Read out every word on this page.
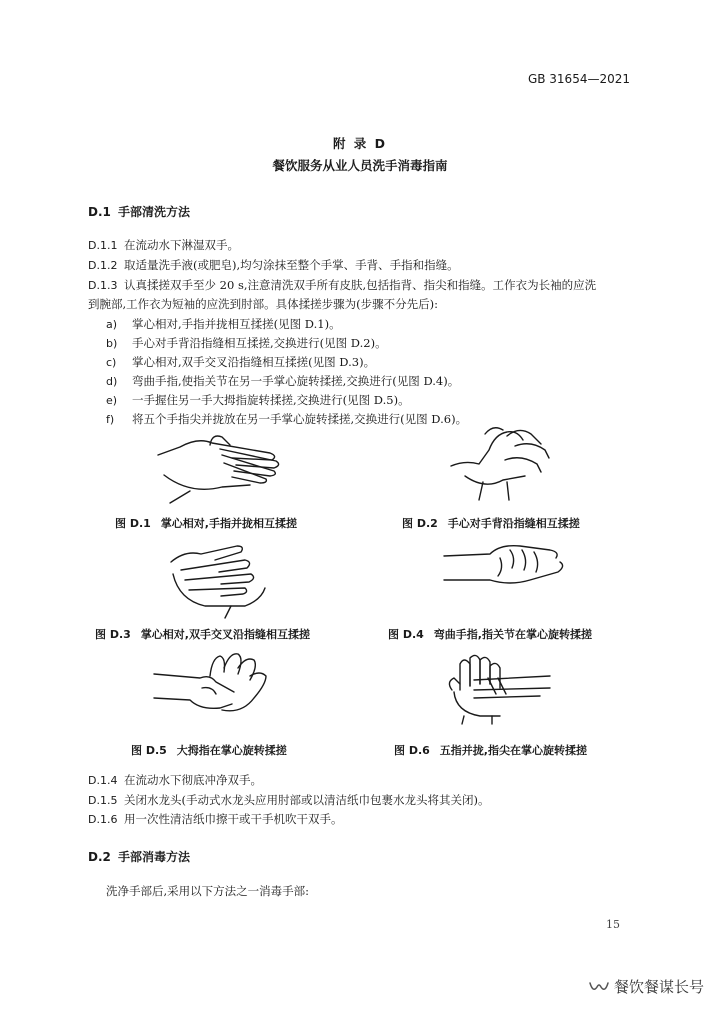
GB 31654—2021
附 录 D
餐饮服务从业人员洗手消毒指南
D.1 手部清洗方法
D.1.1 在流动水下淋湿双手。
D.1.2 取适量洗手液(或肥皂),均匀涂抹至整个手掌、手背、手指和指缝。
D.1.3 认真揉搓双手至少 20 s,注意清洗双手所有皮肤,包括指背、指尖和指缝。工作衣为长袖的应洗
到腕部,工作衣为短袖的应洗到肘部。具体揉搓步骤为(步骤不分先后):
a) 掌心相对,手指并拢相互揉搓(见图 D.1)。
b) 手心对手背沿指缝相互揉搓,交换进行(见图 D.2)。
c) 掌心相对,双手交叉沿指缝相互揉搓(见图 D.3)。
d) 弯曲手指,使指关节在另一手掌心旋转揉搓,交换进行(见图 D.4)。
e) 一手握住另一手大拇指旋转揉搓,交换进行(见图 D.5)。
f) 将五个手指尖并拢放在另一手掌心旋转揉搓,交换进行(见图 D.6)。
图 D.1 掌心相对,手指并拢相互揉搓	图 D.2 手心对手背沿指缝相互揉搓
图 D.3 掌心相对,双手交叉沿指缝相互揉搓	图 D.4 弯曲手指,指关节在掌心旋转揉搓
图 D.5 大拇指在掌心旋转揉搓	图 D.6 五指并拢,指尖在掌心旋转揉搓
D.1.4 在流动水下彻底冲净双手。
D.1.5 关闭水龙头(手动式水龙头应用肘部或以清洁纸巾包裹水龙头将其关闭)。
D.1.6 用一次性清洁纸巾擦干或干手机吹干双手。
D.2 手部消毒方法
洗净手部后,采用以下方法之一消毒手部:
15
餐饮餐谋长号
